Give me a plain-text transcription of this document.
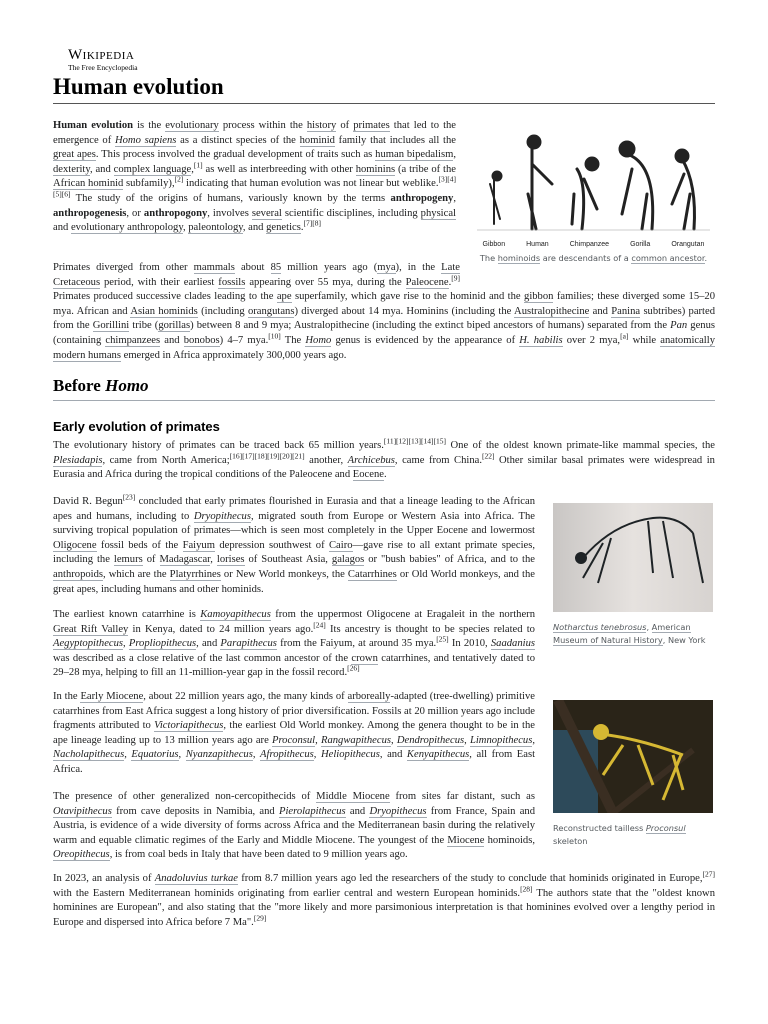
Wikipedia
The Free Encyclopedia
Human evolution
Human evolution is the evolutionary process within the history of primates that led to the emergence of Homo sapiens as a distinct species of the hominid family that includes all the great apes. This process involved the gradual development of traits such as human bipedalism, dexterity, and complex language,[1] as well as interbreeding with other hominins (a tribe of the African hominid subfamily),[2] indicating that human evolution was not linear but weblike.[3][4][5][6] The study of the origins of humans, variously known by the terms anthropogeny, anthropogenesis, or anthropogony, involves several scientific disciplines, including physical and evolutionary anthropology, paleontology, and genetics.[7][8]
Gibbon	Human	Chimpanzee	Gorilla	Orangutan
The hominoids are descendants of a common ancestor.
Primates diverged from other mammals about 85 million years ago (mya), in the Late Cretaceous period, with their earliest fossils appearing over 55 mya, during the Paleocene.[9] Primates produced successive clades leading to the ape superfamily, which gave rise to the hominid and the gibbon families; these diverged some 15–20 mya. African and Asian hominids (including orangutans) diverged about 14 mya. Hominins (including the Australopithecine and Panina subtribes) parted from the Gorillini tribe (gorillas) between 8 and 9 mya; Australopithecine (including the extinct biped ancestors of humans) separated from the Pan genus (containing chimpanzees and bonobos) 4–7 mya.[10] The Homo genus is evidenced by the appearance of H. habilis over 2 mya,[a] while anatomically modern humans emerged in Africa approximately 300,000 years ago.
Before Homo
Early evolution of primates
The evolutionary history of primates can be traced back 65 million years.[11][12][13][14][15] One of the oldest known primate-like mammal species, the Plesiadapis, came from North America;[16][17][18][19][20][21] another, Archicebus, came from China.[22] Other similar basal primates were widespread in Eurasia and Africa during the tropical conditions of the Paleocene and Eocene.
Notharctus tenebrosus, American Museum of Natural History, New York
David R. Begun[23] concluded that early primates flourished in Eurasia and that a lineage leading to the African apes and humans, including to Dryopithecus, migrated south from Europe or Western Asia into Africa. The surviving tropical population of primates—which is seen most completely in the Upper Eocene and lowermost Oligocene fossil beds of the Faiyum depression southwest of Cairo—gave rise to all extant primate species, including the lemurs of Madagascar, lorises of Southeast Asia, galagos or "bush babies" of Africa, and to the anthropoids, which are the Platyrrhines or New World monkeys, the Catarrhines or Old World monkeys, and the great apes, including humans and other hominids.
The earliest known catarrhine is Kamoyapithecus from the uppermost Oligocene at Eragaleit in the northern Great Rift Valley in Kenya, dated to 24 million years ago.[24] Its ancestry is thought to be species related to Aegyptopithecus, Propliopithecus, and Parapithecus from the Faiyum, at around 35 mya.[25] In 2010, Saadanius was described as a close relative of the last common ancestor of the crown catarrhines, and tentatively dated to 29–28 mya, helping to fill an 11-million-year gap in the fossil record.[26]
Reconstructed tailless Proconsul skeleton
In the Early Miocene, about 22 million years ago, the many kinds of arboreally-adapted (tree-dwelling) primitive catarrhines from East Africa suggest a long history of prior diversification. Fossils at 20 million years ago include fragments attributed to Victoriapithecus, the earliest Old World monkey. Among the genera thought to be in the ape lineage leading up to 13 million years ago are Proconsul, Rangwapithecus, Dendropithecus, Limnopithecus, Nacholapithecus, Equatorius, Nyanzapithecus, Afropithecus, Heliopithecus, and Kenyapithecus, all from East Africa.
The presence of other generalized non-cercopithecids of Middle Miocene from sites far distant, such as Otavipithecus from cave deposits in Namibia, and Pierolapithecus and Dryopithecus from France, Spain and Austria, is evidence of a wide diversity of forms across Africa and the Mediterranean basin during the relatively warm and equable climatic regimes of the Early and Middle Miocene. The youngest of the Miocene hominoids, Oreopithecus, is from coal beds in Italy that have been dated to 9 million years ago.
In 2023, an analysis of Anadoluvius turkae from 8.7 million years ago led the researchers of the study to conclude that hominids originated in Europe,[27] with the Eastern Mediterranean hominids originating from earlier central and western European hominids.[28] The authors state that the "oldest known hominines are European", and also stating that the "more likely and more parsimonious interpretation is that hominines evolved over a lengthy period in Europe and dispersed into Africa before 7 Ma".[29]
